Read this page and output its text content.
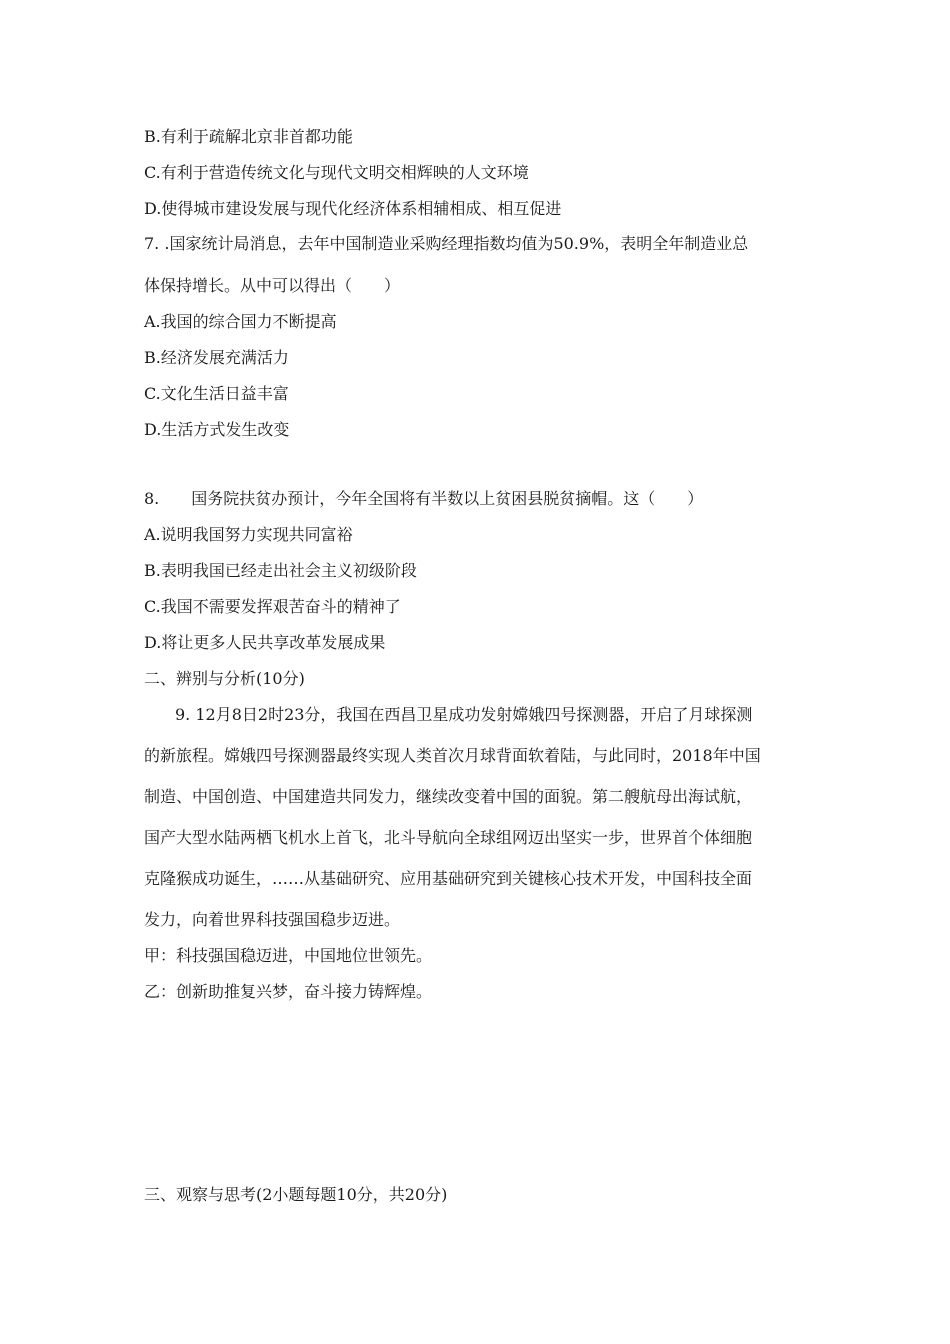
B.有利于疏解北京非首都功能
C.有利于营造传统文化与现代文明交相辉映的人文环境
D.使得城市建设发展与现代化经济体系相辅相成、相互促进
7. .国家统计局消息，去年中国制造业采购经理指数均值为50.9%，表明全年制造业总
体保持增长。从中可以得出（　　）
A.我国的综合国力不断提高
B.经济发展充满活力
C.文化生活日益丰富
D.生活方式发生改变
8.　　国务院扶贫办预计，今年全国将有半数以上贫困县脱贫摘帽。这（　　）
A.说明我国努力实现共同富裕
B.表明我国已经走出社会主义初级阶段
C.我国不需要发挥艰苦奋斗的精神了
D.将让更多人民共享改革发展成果
二、辨别与分析(10分)
9. 12月8日2时23分，我国在西昌卫星成功发射嫦娥四号探测器，开启了月球探测
的新旅程。嫦娥四号探测器最终实现人类首次月球背面软着陆，与此同时，2018年中国
制造、中国创造、中国建造共同发力，继续改变着中国的面貌。第二艘航母出海试航，
国产大型水陆两栖飞机水上首飞，北斗导航向全球组网迈出坚实一步，世界首个体细胞
克隆猴成功诞生，……从基础研究、应用基础研究到关键核心技术开发，中国科技全面
发力，向着世界科技强国稳步迈进。
甲：科技强国稳迈进，中国地位世领先。
乙：创新助推复兴梦，奋斗接力铸辉煌。
三、观察与思考(2小题每题10分，共20分)
